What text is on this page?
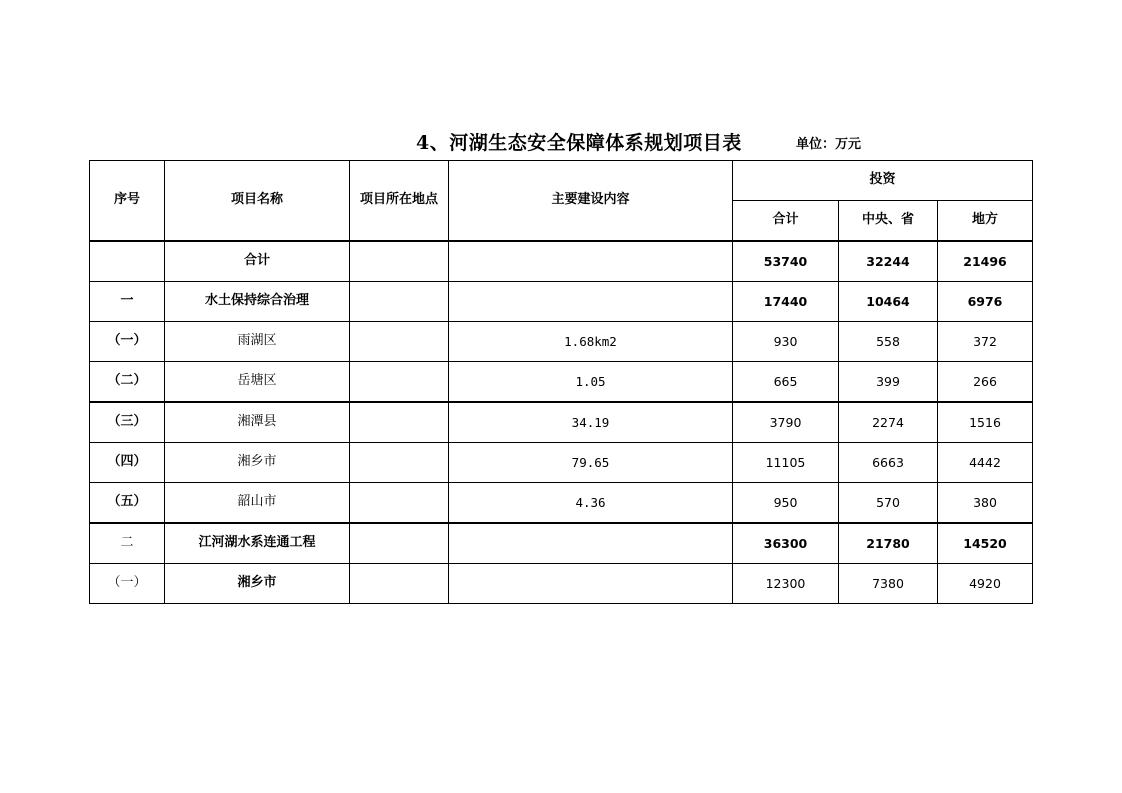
4、河湖生态安全保障体系规划项目表	单位：万元
序号	项目名称	项目所在地点	主要建设内容	投资		
				合计	中央、省	地方
	合计			53740	32244	21496
一	水土保持综合治理			17440	10464	6976
（一）	雨湖区		1.68km2	930	558	372
（二）	岳塘区		1.05	665	399	266
（三）	湘潭县		34.19	3790	2274	1516
（四）	湘乡市		79.65	11105	6663	4442
（五）	韶山市		4.36	950	570	380
二	江河湖水系连通工程			36300	21780	14520
（一）	湘乡市			12300	7380	4920
